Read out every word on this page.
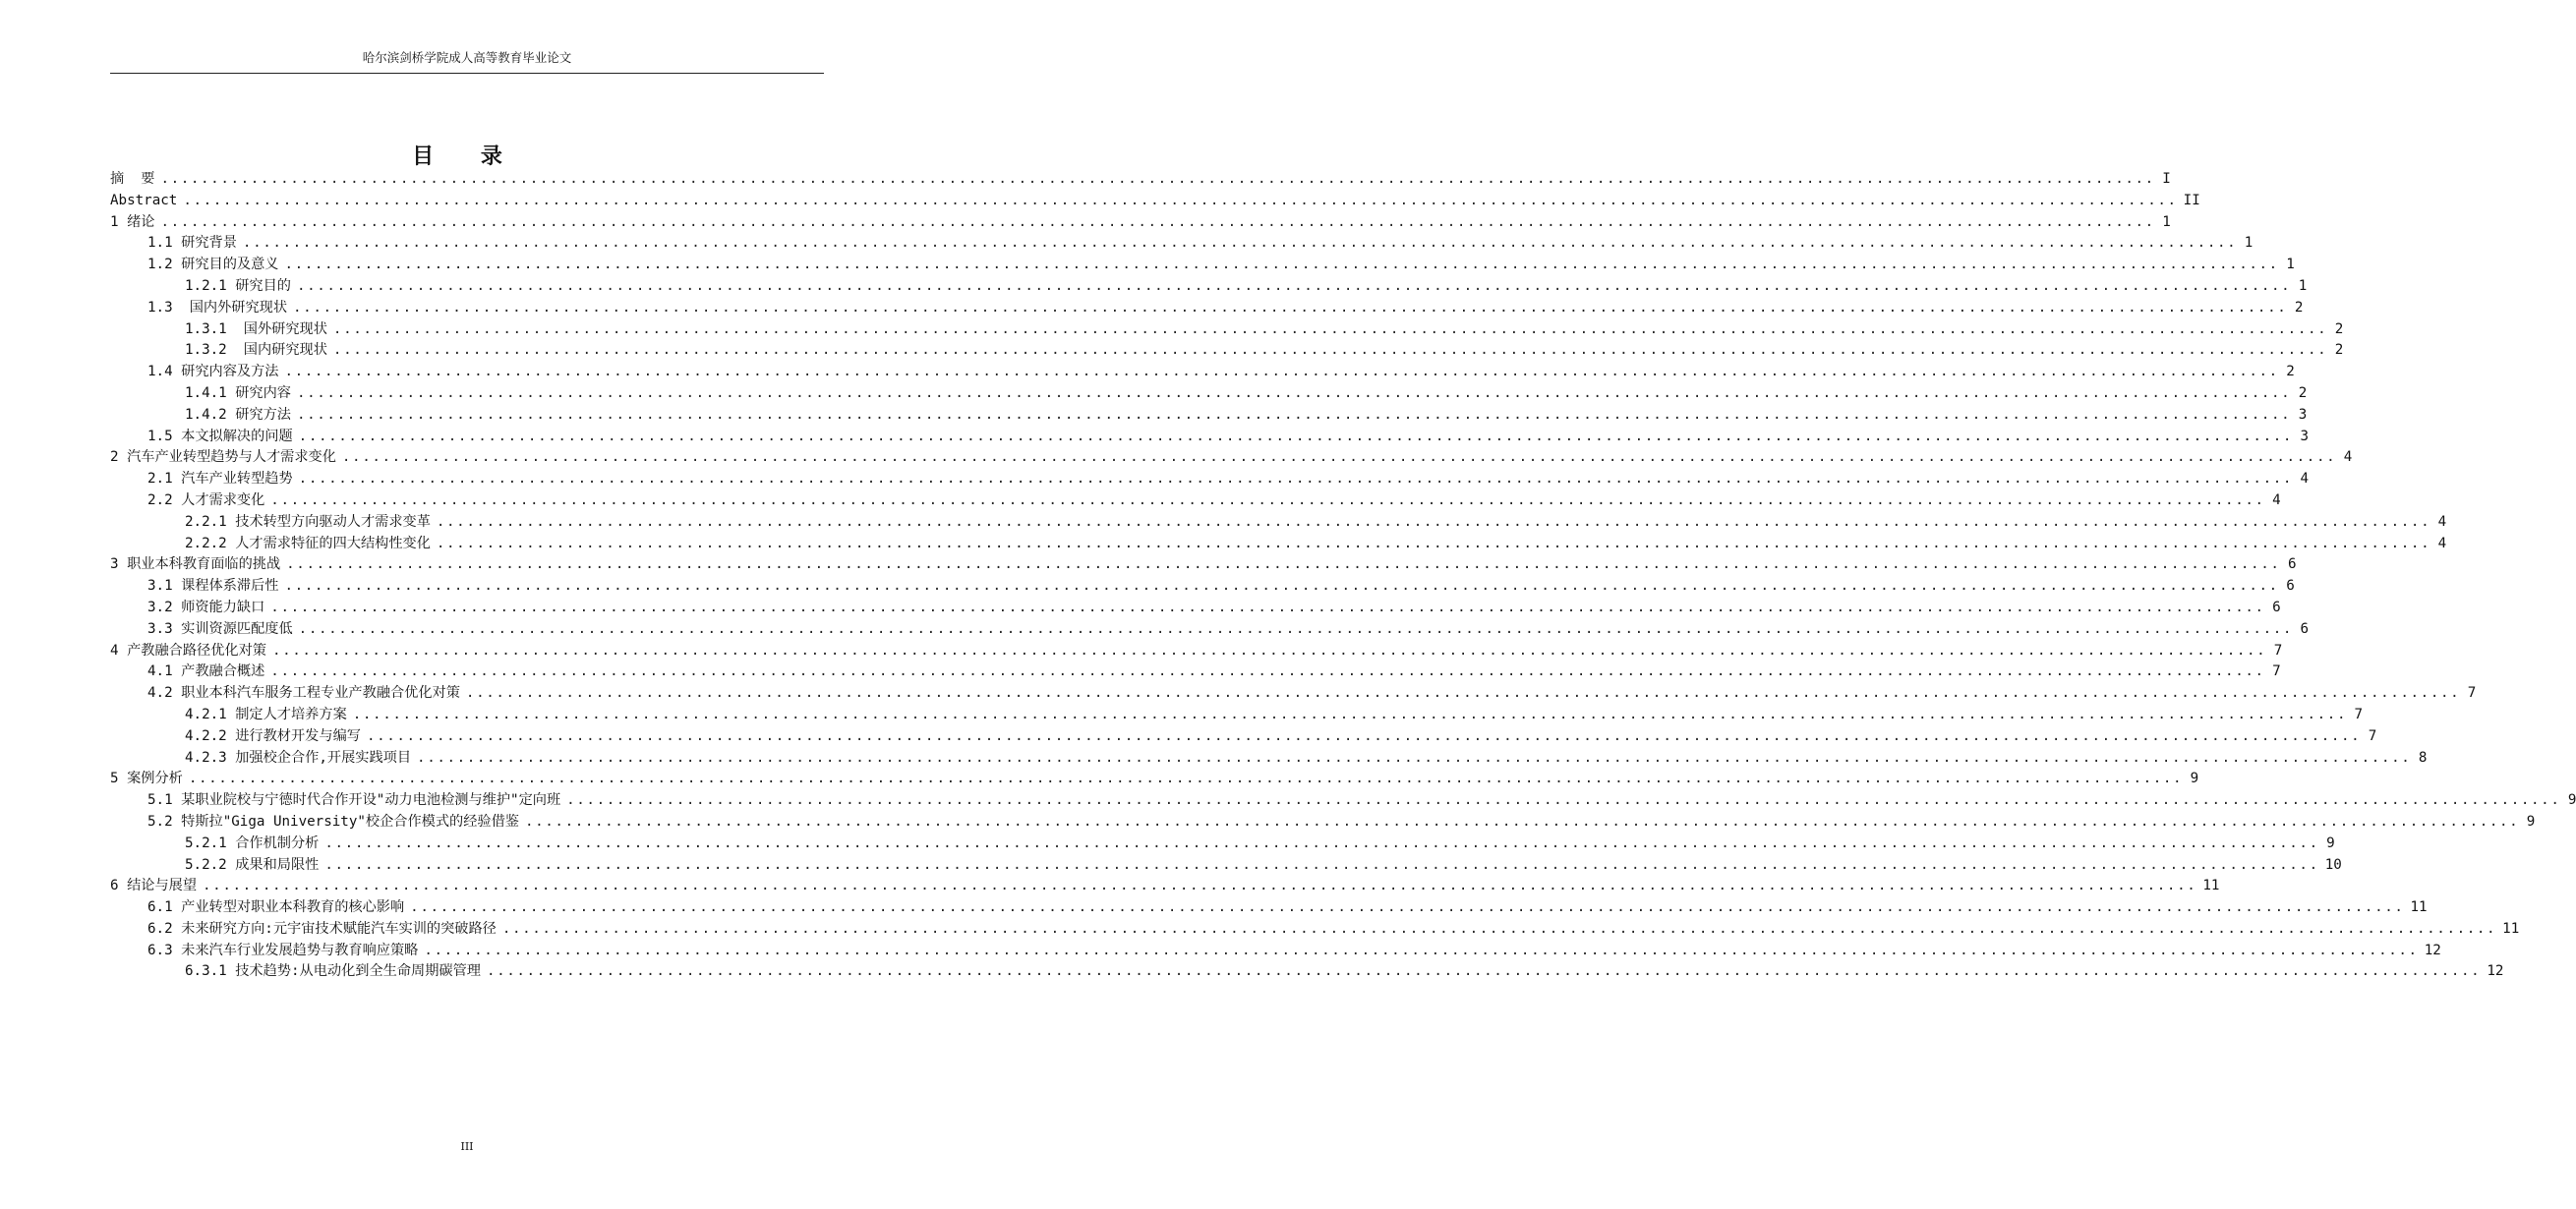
哈尔滨剑桥学院成人高等教育毕业论文
目 录
摘  要 ........................................................................................................................................................................................................ I
Abstract ........................................................................................................................................................................................................ II
1 绪论 ........................................................................................................................................................................................................ 1
1.1 研究背景 ........................................................................................................................................................................................................ 1
1.2 研究目的及意义 ........................................................................................................................................................................................................ 1
1.2.1 研究目的 ........................................................................................................................................................................................................ 1
1.3  国内外研究现状 ........................................................................................................................................................................................................ 2
1.3.1  国外研究现状 ........................................................................................................................................................................................................ 2
1.3.2  国内研究现状 ........................................................................................................................................................................................................ 2
1.4 研究内容及方法 ........................................................................................................................................................................................................ 2
1.4.1 研究内容 ........................................................................................................................................................................................................ 2
1.4.2 研究方法 ........................................................................................................................................................................................................ 3
1.5 本文拟解决的问题 ........................................................................................................................................................................................................ 3
2 汽车产业转型趋势与人才需求变化 ........................................................................................................................................................................................................ 4
2.1 汽车产业转型趋势 ........................................................................................................................................................................................................ 4
2.2 人才需求变化 ........................................................................................................................................................................................................ 4
2.2.1 技术转型方向驱动人才需求变革 ........................................................................................................................................................................................................ 4
2.2.2 人才需求特征的四大结构性变化 ........................................................................................................................................................................................................ 4
3 职业本科教育面临的挑战 ........................................................................................................................................................................................................ 6
3.1 课程体系滞后性 ........................................................................................................................................................................................................ 6
3.2 师资能力缺口 ........................................................................................................................................................................................................ 6
3.3 实训资源匹配度低 ........................................................................................................................................................................................................ 6
4 产教融合路径优化对策 ........................................................................................................................................................................................................ 7
4.1 产教融合概述 ........................................................................................................................................................................................................ 7
4.2 职业本科汽车服务工程专业产教融合优化对策 ........................................................................................................................................................................................................ 7
4.2.1 制定人才培养方案 ........................................................................................................................................................................................................ 7
4.2.2 进行教材开发与编写 ........................................................................................................................................................................................................ 7
4.2.3 加强校企合作,开展实践项目 ........................................................................................................................................................................................................ 8
5 案例分析 ........................................................................................................................................................................................................ 9
5.1 某职业院校与宁德时代合作开设"动力电池检测与维护"定向班 ........................................................................................................................................................................................................ 9
5.2 特斯拉"Giga University"校企合作模式的经验借鉴 ........................................................................................................................................................................................................ 9
5.2.1 合作机制分析 ........................................................................................................................................................................................................ 9
5.2.2 成果和局限性 ........................................................................................................................................................................................................ 10
6 结论与展望 ........................................................................................................................................................................................................ 11
6.1 产业转型对职业本科教育的核心影响 ........................................................................................................................................................................................................ 11
6.2 未来研究方向:元宇宙技术赋能汽车实训的突破路径 ........................................................................................................................................................................................................ 11
6.3 未来汽车行业发展趋势与教育响应策略 ........................................................................................................................................................................................................ 12
6.3.1 技术趋势:从电动化到全生命周期碳管理 ........................................................................................................................................................................................................ 12
III
